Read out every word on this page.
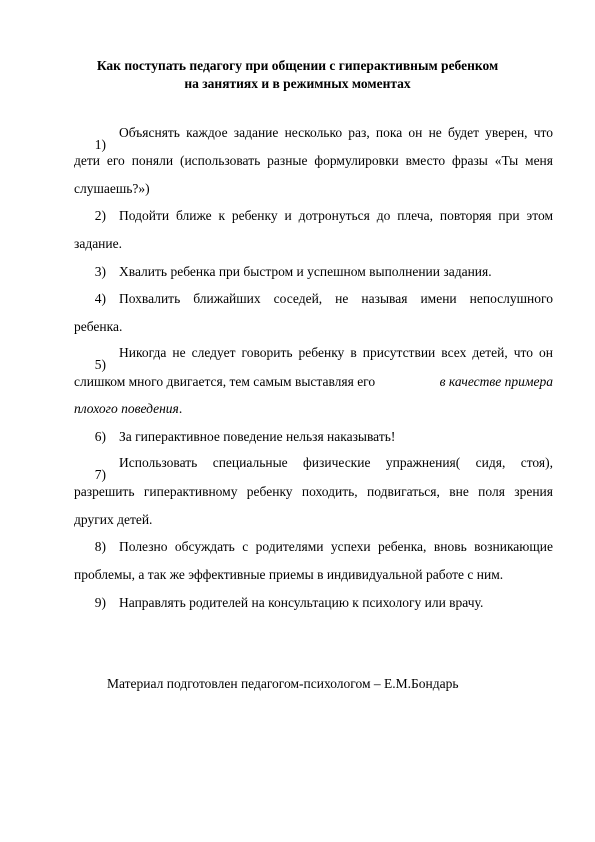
Как поступать педагогу при общении с гиперактивным ребенком
на занятиях и в режимных моментах
1)
Объяснять каждое задание несколько раз, пока он не будет уверен, что
дети его поняли (использовать разные формулировки вместо фразы «Ты меня
слушаешь?»)
2) Подойти ближе к ребенку и дотронуться до плеча, повторяя при этом
задание.
3) Хвалить ребенка при быстром и успешном выполнении задания.
4) Похвалить ближайших соседей, не называя имени непослушного
ребенка.
5)
Никогда не следует говорить ребенку в присутствии всех детей, что он
слишком много двигается, тем самым выставляя его	в качестве примера
плохого поведения.
6) За гиперактивное поведение нельзя наказывать!
7)
Использовать специальные физические упражнения( сидя, стоя),
разрешить гиперактивному ребенку походить, подвигаться, вне поля зрения
других детей.
8) Полезно обсуждать с родителями успехи ребенка, вновь возникающие
проблемы, а так же эффективные приемы в индивидуальной работе с ним.
9) Направлять родителей на консультацию к психологу или врачу.
Материал подготовлен педагогом-психологом – Е.М.Бондарь
